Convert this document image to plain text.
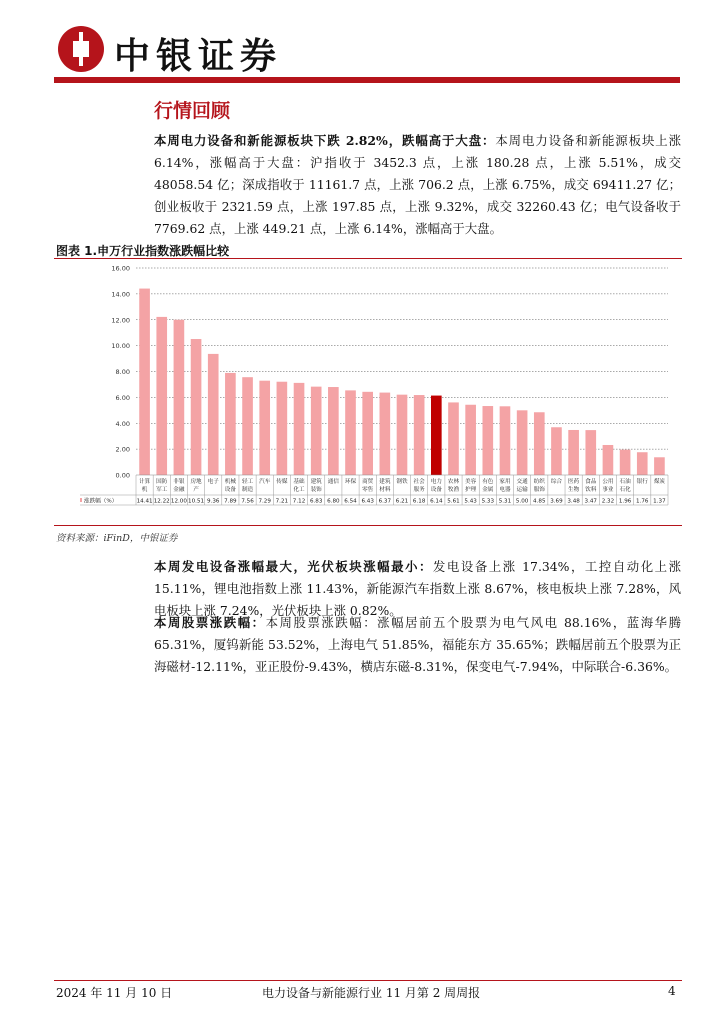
中银证券
行情回顾
本周电力设备和新能源板块下跌 2.82%，跌幅高于大盘：本周电力设备和新能源板块上涨 6.14%，涨幅高于大盘：沪指收于 3452.3 点，上涨 180.28 点，上涨 5.51%，成交 48058.54 亿；深成指收于 11161.7 点，上涨 706.2 点，上涨 6.75%，成交 69411.27 亿；创业板收于 2321.59 点，上涨 197.85 点，上涨 9.32%，成交 32260.43 亿；电气设备收于 7769.62 点，上涨 449.21 点，上涨 6.14%，涨幅高于大盘。
图表 1.申万行业指数涨跌幅比较
16.00
14.00
12.00
10.00
8.00
6.00
4.00
2.00
0.00
计算
机
14.41
国防
军工
12.22
非银
金融
12.00
房地
产
10.51
电子
9.36
机械
设备
7.89
轻工
制造
7.56
汽车
7.29
传媒
7.21
基础
化工
7.12
建筑
装饰
6.83
通信
6.80
环保
6.54
商贸
零售
6.43
建筑
材料
6.37
钢铁
6.21
社会
服务
6.18
电力
设备
6.14
农林
牧渔
5.61
美容
护理
5.43
有色
金属
5.33
家用
电器
5.31
交通
运输
5.00
纺织
服饰
4.85
综合
3.69
医药
生物
3.48
食品
饮料
3.47
公用
事业
2.32
石油
石化
1.96
银行
1.76
煤炭
1.37
涨跌幅（%）
资料来源：iFinD，中银证券
本周发电设备涨幅最大，光伏板块涨幅最小：发电设备上涨 17.34%，工控自动化上涨 15.11%，锂电池指数上涨 11.43%，新能源汽车指数上涨 8.67%，核电板块上涨 7.28%，风电板块上涨 7.24%，光伏板块上涨 0.82%。
本周股票涨跌幅：本周股票涨跌幅：涨幅居前五个股票为电气风电 88.16%，蓝海华腾 65.31%，厦钨新能 53.52%，上海电气 51.85%，福能东方 35.65%；跌幅居前五个股票为正海磁材-12.11%，亚正股份-9.43%，横店东磁-8.31%，保变电气-7.94%，中际联合-6.36%。
2024 年 11 月 10 日	电力设备与新能源行业 11 月第 2 周周报	4
